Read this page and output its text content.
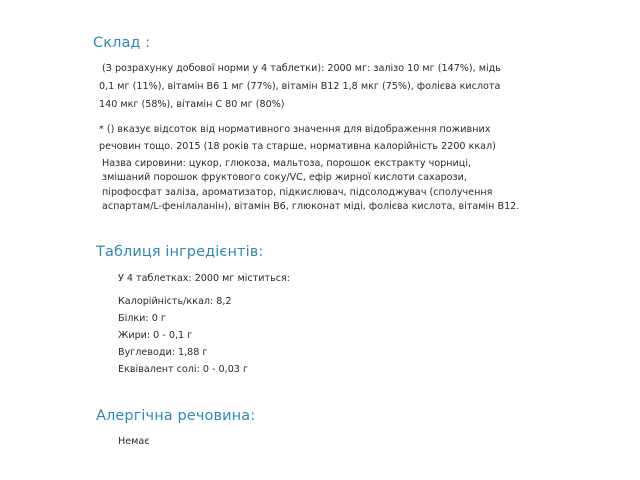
Склад :

(З розрахунку добової норми у 4 таблетки): 2000 мг: залізо 10 мг (147%), мідь

0,1 мг (11%), вітамін B6 1 мг (77%), вітамін B12 1,8 мкг (75%), фолієва кислота

140 мкг (58%), вітамін C 80 мг (80%)

* () вказує відсоток від нормативного значення для відображення поживних

речовин тощо. 2015 (18 років та старше, нормативна калорійність 2200 ккал)

Назва сировини: цукор, глюкоза, мальтоза, порошок екстракту чорниці,

змішаний порошок фруктового соку/VC, ефір жирної кислоти сахарози,

пірофосфат заліза, ароматизатор, підкислювач, підсолоджувач (сполучення

аспартам/L-фенілаланін), вітамін B6, глюконат міді, фолієва кислота, вітамін B12.

Таблиця інгредієнтів:

У 4 таблетках: 2000 мг міститься:

Калорійність/ккал: 8,2

Білки: 0 г

Жири: 0 - 0,1 г

Вуглеводи: 1,88 г

Еквівалент солі: 0 - 0,03 г

Алергічна речовина:

Немає
